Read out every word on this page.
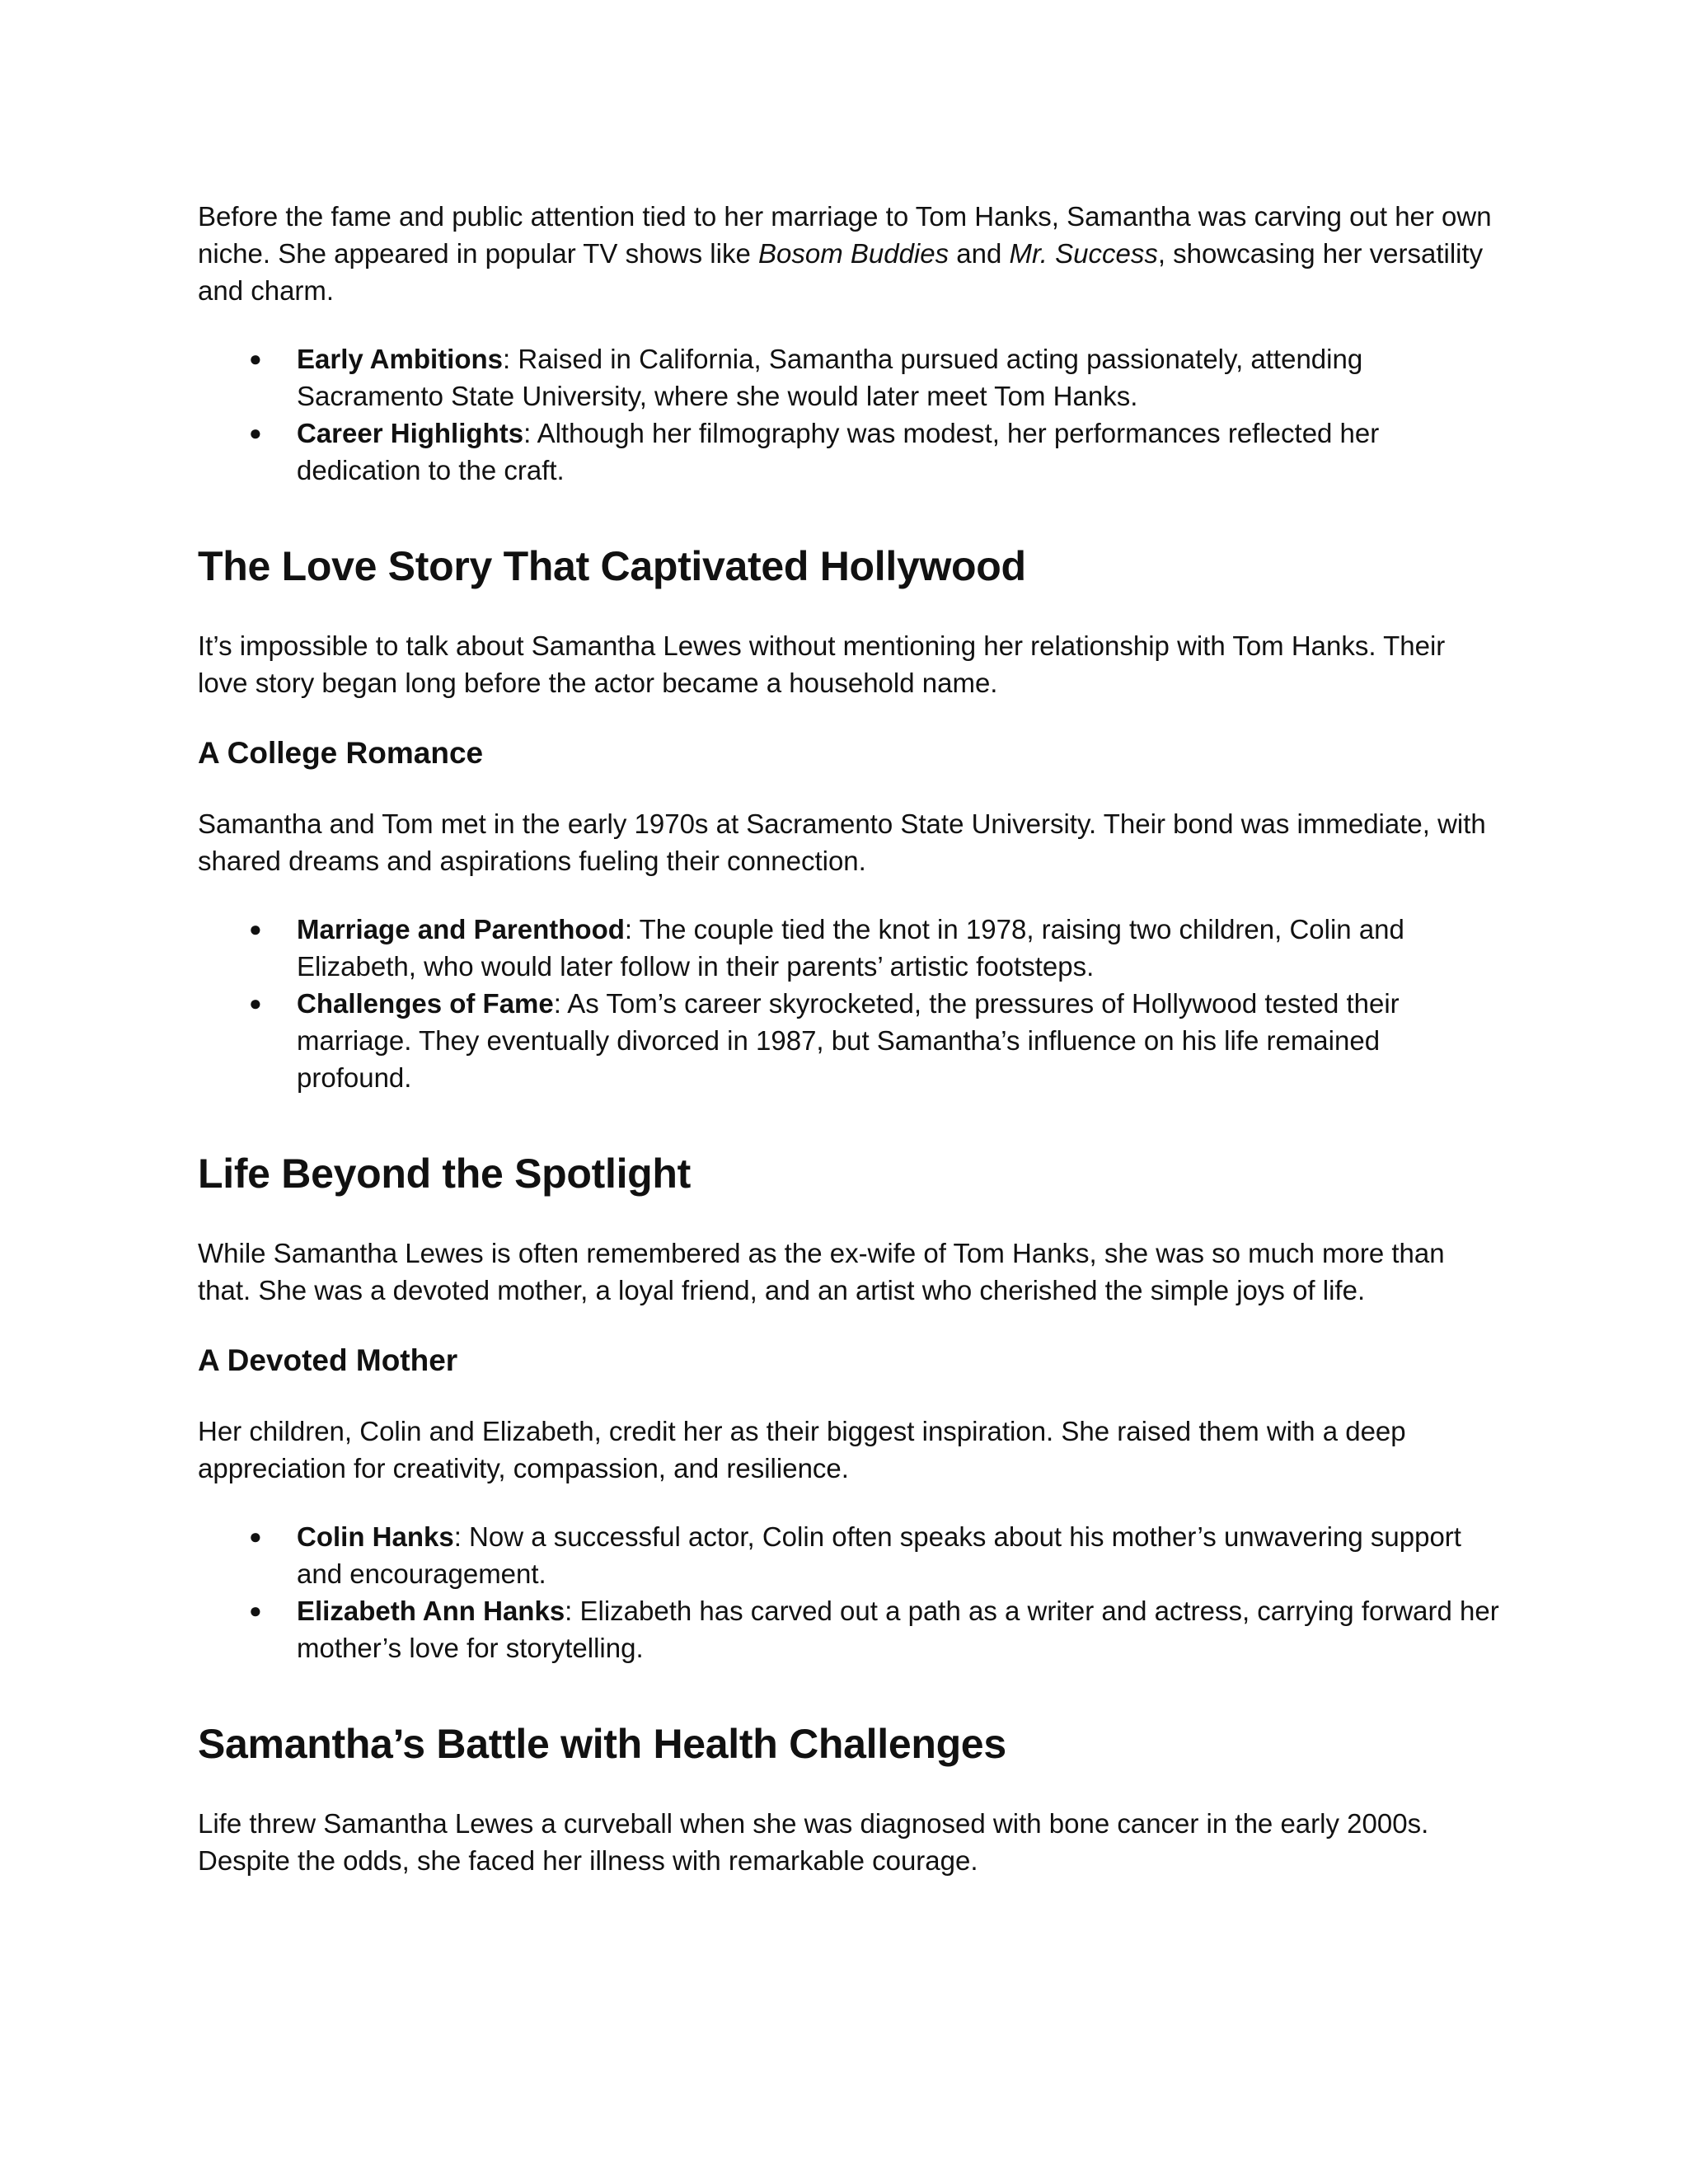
Before the fame and public attention tied to her marriage to Tom Hanks, Samantha was carving out her own niche. She appeared in popular TV shows like Bosom Buddies and Mr. Success, showcasing her versatility and charm.

● Early Ambitions: Raised in California, Samantha pursued acting passionately, attending Sacramento State University, where she would later meet Tom Hanks.
● Career Highlights: Although her filmography was modest, her performances reflected her dedication to the craft.
The Love Story That Captivated Hollywood

It’s impossible to talk about Samantha Lewes without mentioning her relationship with Tom Hanks. Their love story began long before the actor became a household name.

A College Romance

Samantha and Tom met in the early 1970s at Sacramento State University. Their bond was immediate, with shared dreams and aspirations fueling their connection.

● Marriage and Parenthood: The couple tied the knot in 1978, raising two children, Colin and Elizabeth, who would later follow in their parents’ artistic footsteps.
● Challenges of Fame: As Tom’s career skyrocketed, the pressures of Hollywood tested their marriage. They eventually divorced in 1987, but Samantha’s influence on his life remained profound.
Life Beyond the Spotlight

While Samantha Lewes is often remembered as the ex-wife of Tom Hanks, she was so much more than that. She was a devoted mother, a loyal friend, and an artist who cherished the simple joys of life.

A Devoted Mother

Her children, Colin and Elizabeth, credit her as their biggest inspiration. She raised them with a deep appreciation for creativity, compassion, and resilience.

● Colin Hanks: Now a successful actor, Colin often speaks about his mother’s unwavering support and encouragement.
● Elizabeth Ann Hanks: Elizabeth has carved out a path as a writer and actress, carrying forward her mother’s love for storytelling.
Samantha’s Battle with Health Challenges

Life threw Samantha Lewes a curveball when she was diagnosed with bone cancer in the early 2000s. Despite the odds, she faced her illness with remarkable courage.
